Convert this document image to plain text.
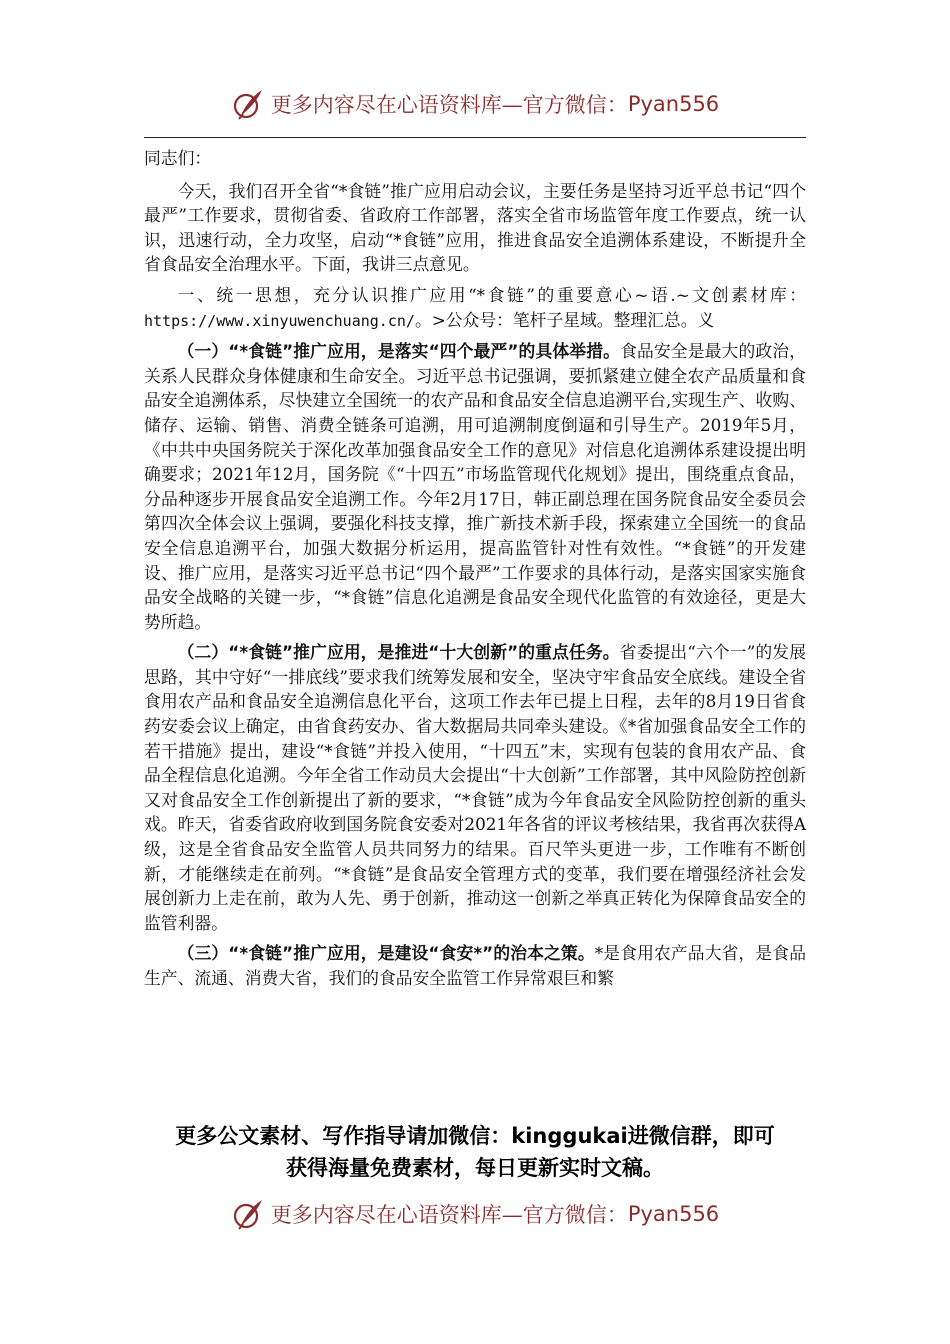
更多内容尽在心语资料库—官方微信： Pyan556

同志们：

今天，我们召开全省“*食链”推广应用启动会议，主要任务是坚持习近平总书记“四个最严”工作要求，贯彻省委、省政府工作部署，落实全省市场监管年度工作要点，统一认识，迅速行动，全力攻坚，启动“*食链”应用，推进食品安全追溯体系建设，不断提升全省食品安全治理水平。下面，我讲三点意见。

一、统一思想，充分认识推广应用“*食链”的重要意心~语.~文创素材库：https://www.xinyuwenchuang.cn/。>公众号：笔杆子星域。整理汇总。义

（一）“*食链”推广应用，是落实“四个最严”的具体举措。食品安全是最大的政治，关系人民群众身体健康和生命安全。习近平总书记强调，要抓紧建立健全农产品质量和食品安全追溯体系，尽快建立全国统一的农产品和食品安全信息追溯平台,实现生产、收购、储存、运输、销售、消费全链条可追溯，用可追溯制度倒逼和引导生产。2019年5月，《中共中央国务院关于深化改革加强食品安全工作的意见》对信息化追溯体系建设提出明确要求；2021年12月，国务院《“十四五”市场监管现代化规划》提出，围绕重点食品，分品种逐步开展食品安全追溯工作。今年2月17日，韩正副总理在国务院食品安全委员会第四次全体会议上强调，要强化科技支撑，推广新技术新手段，探索建立全国统一的食品安全信息追溯平台，加强大数据分析运用，提高监管针对性有效性。“*食链”的开发建设、推广应用，是落实习近平总书记“四个最严”工作要求的具体行动，是落实国家实施食品安全战略的关键一步，“*食链”信息化追溯是食品安全现代化监管的有效途径，更是大势所趋。

（二）“*食链”推广应用，是推进“十大创新”的重点任务。省委提出“六个一”的发展思路，其中守好“一排底线”要求我们统筹发展和安全，坚决守牢食品安全底线。建设全省食用农产品和食品安全追溯信息化平台，这项工作去年已提上日程，去年的8月19日省食药安委会议上确定，由省食药安办、省大数据局共同牵头建设。《*省加强食品安全工作的若干措施》提出，建设“*食链”并投入使用，“十四五”末，实现有包装的食用农产品、食品全程信息化追溯。今年全省工作动员大会提出“十大创新”工作部署，其中风险防控创新又对食品安全工作创新提出了新的要求，“*食链”成为今年食品安全风险防控创新的重头戏。昨天，省委省政府收到国务院食安委对2021年各省的评议考核结果，我省再次获得A级，这是全省食品安全监管人员共同努力的结果。百尺竿头更进一步，工作唯有不断创新，才能继续走在前列。“*食链”是食品安全管理方式的变革，我们要在增强经济社会发展创新力上走在前，敢为人先、勇于创新，推动这一创新之举真正转化为保障食品安全的监管利器。

（三）“*食链”推广应用，是建设“食安*”的治本之策。*是食用农产品大省，是食品生产、流通、消费大省，我们的食品安全监管工作异常艰巨和繁

更多公文素材、写作指导请加微信：kinggukai进微信群，即可
获得海量免费素材，每日更新实时文稿。
更多内容尽在心语资料库—官方微信： Pyan556
